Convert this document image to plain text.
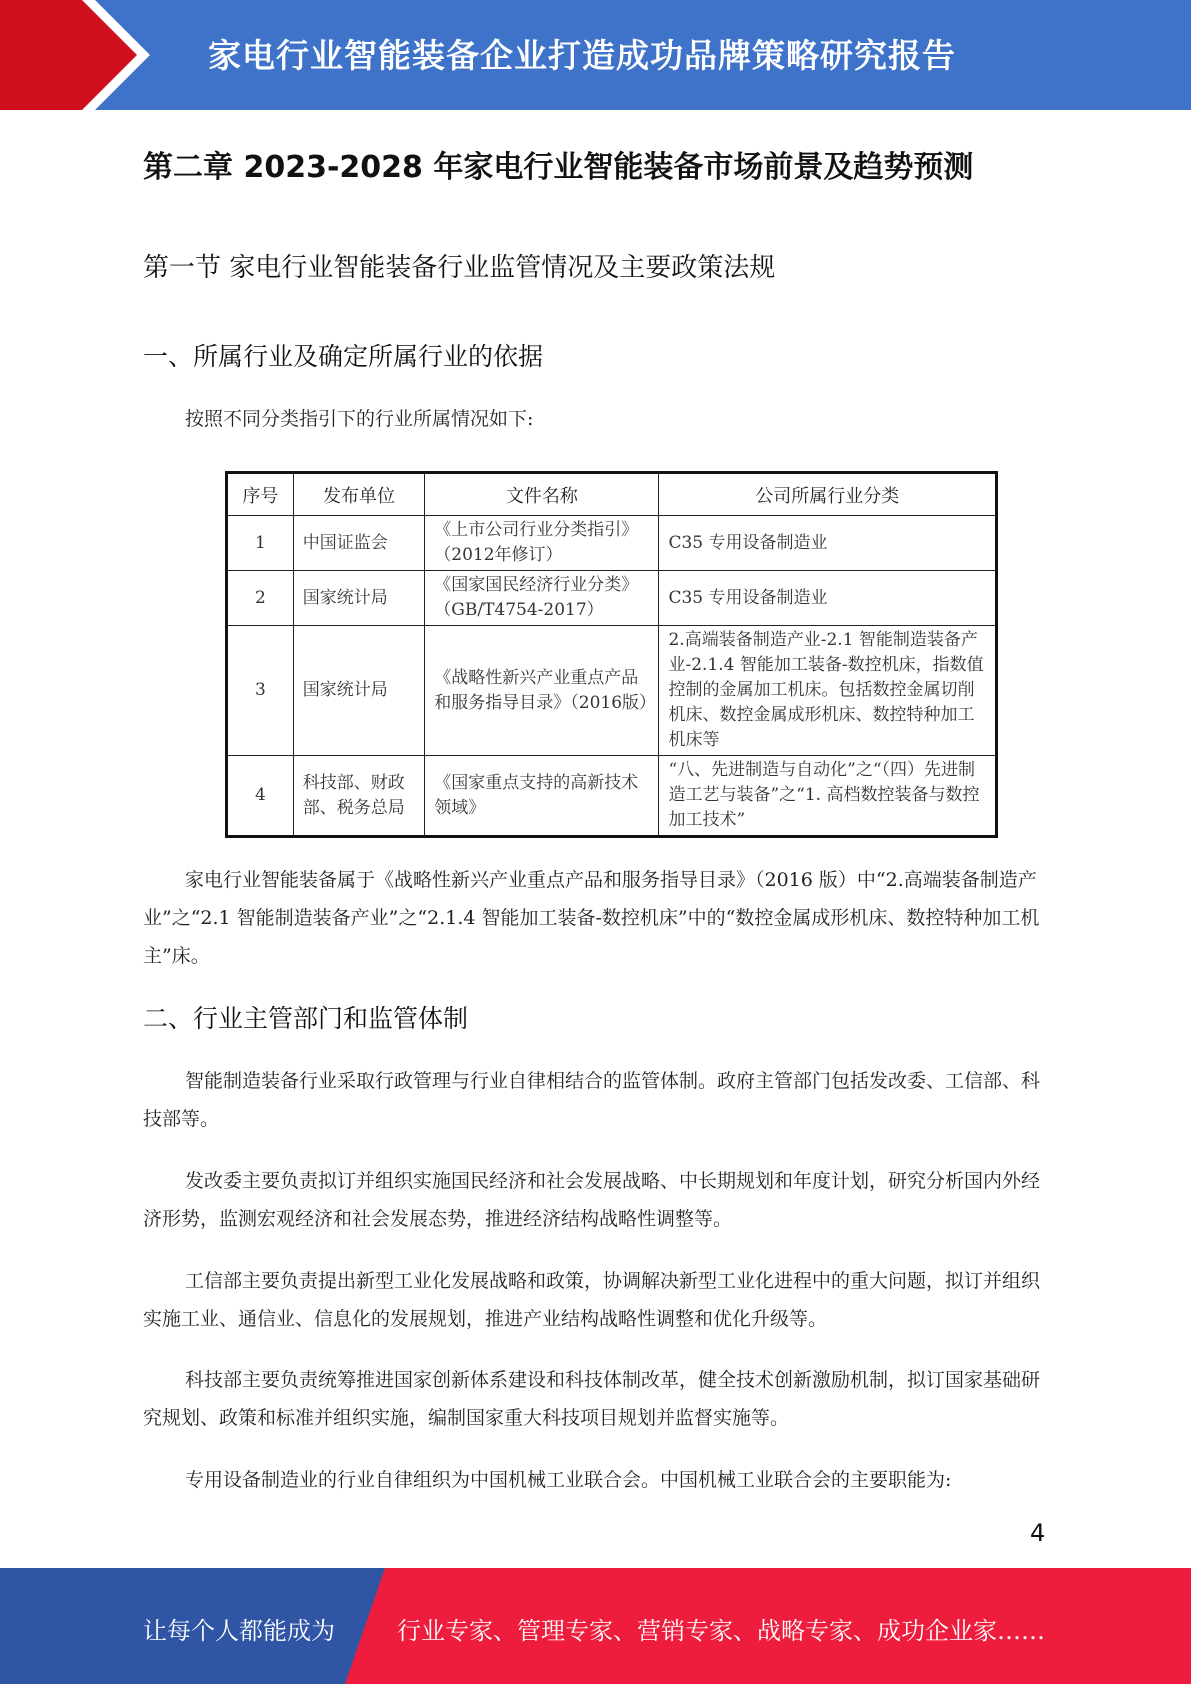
家电行业智能装备企业打造成功品牌策略研究报告
第二章 2023-2028 年家电行业智能装备市场前景及趋势预测
第一节 家电行业智能装备行业监管情况及主要政策法规
一、所属行业及确定所属行业的依据
按照不同分类指引下的行业所属情况如下:
序号	发布单位	文件名称	公司所属行业分类
1	中国证监会	《上市公司行业分类指引》（2012年修订）	C35 专用设备制造业
2	国家统计局	《国家国民经济行业分类》（GB/T4754-2017）	C35 专用设备制造业
3	国家统计局	《战略性新兴产业重点产品和服务指导目录》（2016版）	2.高端装备制造产业-2.1 智能制造装备产业-2.1.4 智能加工装备-数控机床，指数值控制的金属加工机床。包括数控金属切削机床、数控金属成形机床、数控特种加工机床等
4	科技部、财政部、税务总局	《国家重点支持的高新技术领域》	“八、先进制造与自动化”之“（四）先进制造工艺与装备”之“1. 高档数控装备与数控加工技术”
家电行业智能装备属于《战略性新兴产业重点产品和服务指导目录》（2016 版）中“2.高端装备制造产业”之“2.1 智能制造装备产业”之“2.1.4 智能加工装备-数控机床”中的“数控金属成形机床、数控特种加工机主”床。
二、行业主管部门和监管体制
智能制造装备行业采取行政管理与行业自律相结合的监管体制。政府主管部门包括发改委、工信部、科技部等。
发改委主要负责拟订并组织实施国民经济和社会发展战略、中长期规划和年度计划，研究分析国内外经济形势，监测宏观经济和社会发展态势，推进经济结构战略性调整等。
工信部主要负责提出新型工业化发展战略和政策，协调解决新型工业化进程中的重大问题，拟订并组织实施工业、通信业、信息化的发展规划，推进产业结构战略性调整和优化升级等。
科技部主要负责统筹推进国家创新体系建设和科技体制改革，健全技术创新激励机制，拟订国家基础研究规划、政策和标准并组织实施，编制国家重大科技项目规划并监督实施等。
专用设备制造业的行业自律组织为中国机械工业联合会。中国机械工业联合会的主要职能为:
4
让每个人都能成为	行业专家、管理专家、营销专家、战略专家、成功企业家……
